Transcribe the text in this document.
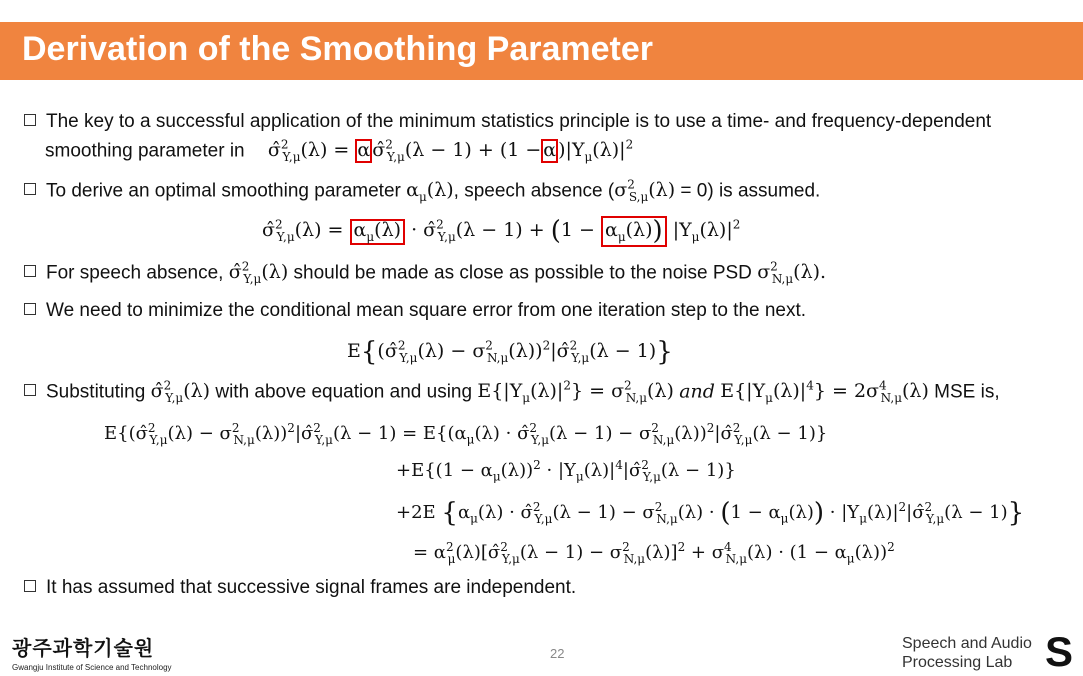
Derivation of the Smoothing Parameter
The key to a successful application of the minimum statistics principle is to use a time- and frequency-dependent
smoothing parameter in σ̂$^2_{Y,\mu}$(λ) = α σ̂$^2_{Y,\mu}$(λ − 1) + (1 − α )$|Y_\mu(\lambda)|^2$
To derive an optimal smoothing parameter $\alpha_\mu(\lambda)$, speech absence $(\sigma^2_{S,\mu}(\lambda) = 0)$ is assumed.
σ̂$^2_{Y,\mu}$(λ) = $\alpha_\mu(\lambda)$ · σ̂$^2_{Y,\mu}$(λ − $1) + (1 - \alpha_\mu(\lambda))$ $|Y_\mu(\lambda)|^2$
For speech absence, σ̂$^2_{Y,\mu}$(λ) should be made as close as possible to the noise PSD $\sigma^2_{N,\mu}(\lambda)$.
We need to minimize the conditional mean square error from one iteration step to the next.
E{(σ̂$^2_{Y,\mu}$(λ) − $\sigma^2_{N,\mu}(\lambda))^2|\sigmâ^2_{Y,\mu}(\lambda - 1)$}
Substituting σ̂$^2_{Y,\mu}$(λ) with above equation and using $E\{|Y_\mu(\lambda)|^2\} = \sigma^2_{N,\mu}(\lambda)$ and $E\{|Y_\mu(\lambda)|^4\} = 2\sigma^4_{N,\mu}(\lambda)$ MSE is,
E{(σ̂$^2_{Y,\mu}$(λ) − $\sigma^2_{N,\mu}(\lambda))^2|\sigmâ^2_{Y,\mu}(\lambda - 1) = E\{(\alpha_\mu(\lambda)$ · σ̂$^2_{Y,\mu}$(λ − $1) - \sigma^2_{N,\mu}(\lambda))^2|\sigmâ^2_{Y,\mu}(\lambda - 1)$}
$+E\{(1 - \alpha_\mu(\lambda))^2$ · $|Y_\mu(\lambda)|^4|\sigmâ^2_{Y,\mu}(\lambda - 1)$}
+2E {$\alpha_\mu(\lambda)$ · σ̂$^2_{Y,\mu}$(λ − $1) - \sigma^2_{N,\mu}(\lambda) \cdot (1 - \alpha_\mu(\lambda))$ · $|Y_\mu(\lambda)|^2|\sigmâ^2_{Y,\mu}(\lambda - 1)$}
= $\alpha^2_\mu(\lambda)[\sigmâ^2_{Y,\mu}(\lambda - 1) - \sigma^2_{N,\mu}(\lambda)]^2 + \sigma^4_{N,\mu}(\lambda) \cdot (1 - \alpha_\mu(\lambda))^2$
It has assumed that successive signal frames are independent.
광주과학기술원
Gwangju Institute of Science and Technology
22
Speech and Audio
Processing Lab S
